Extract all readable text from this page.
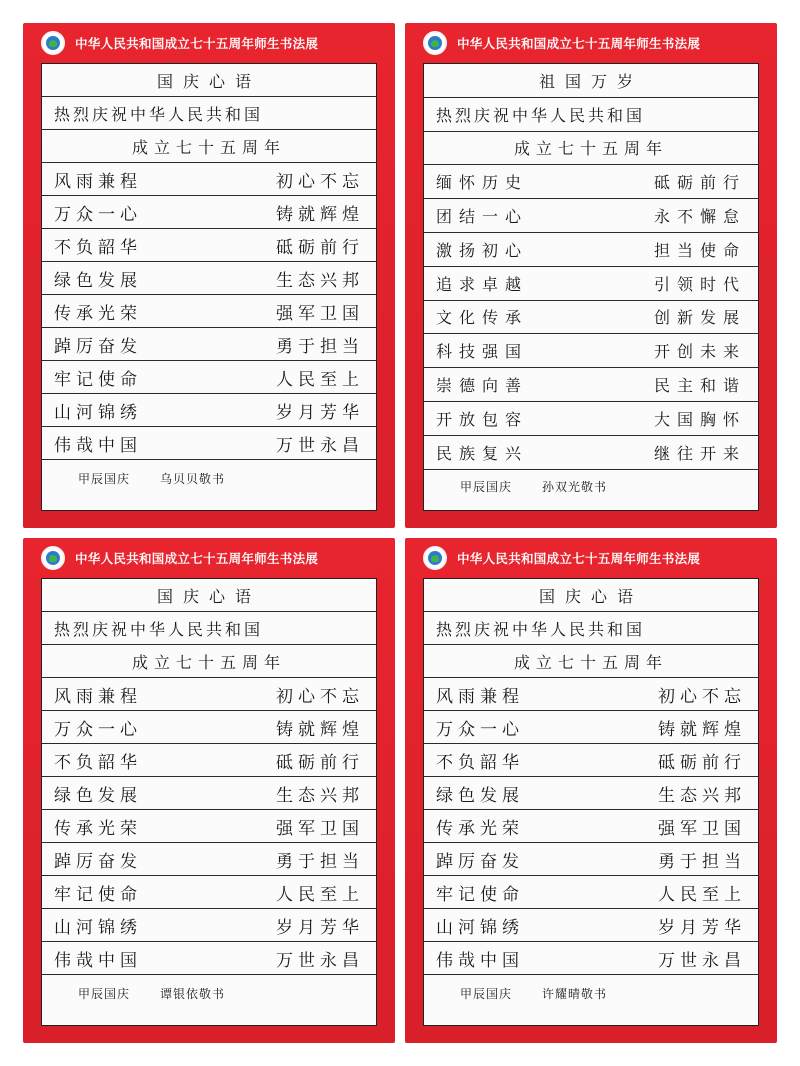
中华人民共和国成立七十五周年师生书法展
国庆心语
热烈庆祝中华人民共和国
成立七十五周年
风雨兼程	初心不忘
万众一心	铸就辉煌
不负韶华	砥砺前行
绿色发展	生态兴邦
传承光荣	强军卫国
踔厉奋发	勇于担当
牢记使命	人民至上
山河锦绣	岁月芳华
伟哉中国	万世永昌
甲辰国庆	乌贝贝敬书
中华人民共和国成立七十五周年师生书法展
祖国万岁
热烈庆祝中华人民共和国
成立七十五周年
缅怀历史	砥砺前行
团结一心	永不懈怠
激扬初心	担当使命
追求卓越	引领时代
文化传承	创新发展
科技强国	开创未来
崇德向善	民主和谐
开放包容	大国胸怀
民族复兴	继往开来
甲辰国庆	孙双光敬书
中华人民共和国成立七十五周年师生书法展
国庆心语
热烈庆祝中华人民共和国
成立七十五周年
风雨兼程	初心不忘
万众一心	铸就辉煌
不负韶华	砥砺前行
绿色发展	生态兴邦
传承光荣	强军卫国
踔厉奋发	勇于担当
牢记使命	人民至上
山河锦绣	岁月芳华
伟哉中国	万世永昌
甲辰国庆	谭银依敬书
中华人民共和国成立七十五周年师生书法展
国庆心语
热烈庆祝中华人民共和国
成立七十五周年
风雨兼程	初心不忘
万众一心	铸就辉煌
不负韶华	砥砺前行
绿色发展	生态兴邦
传承光荣	强军卫国
踔厉奋发	勇于担当
牢记使命	人民至上
山河锦绣	岁月芳华
伟哉中国	万世永昌
甲辰国庆	许耀晴敬书
